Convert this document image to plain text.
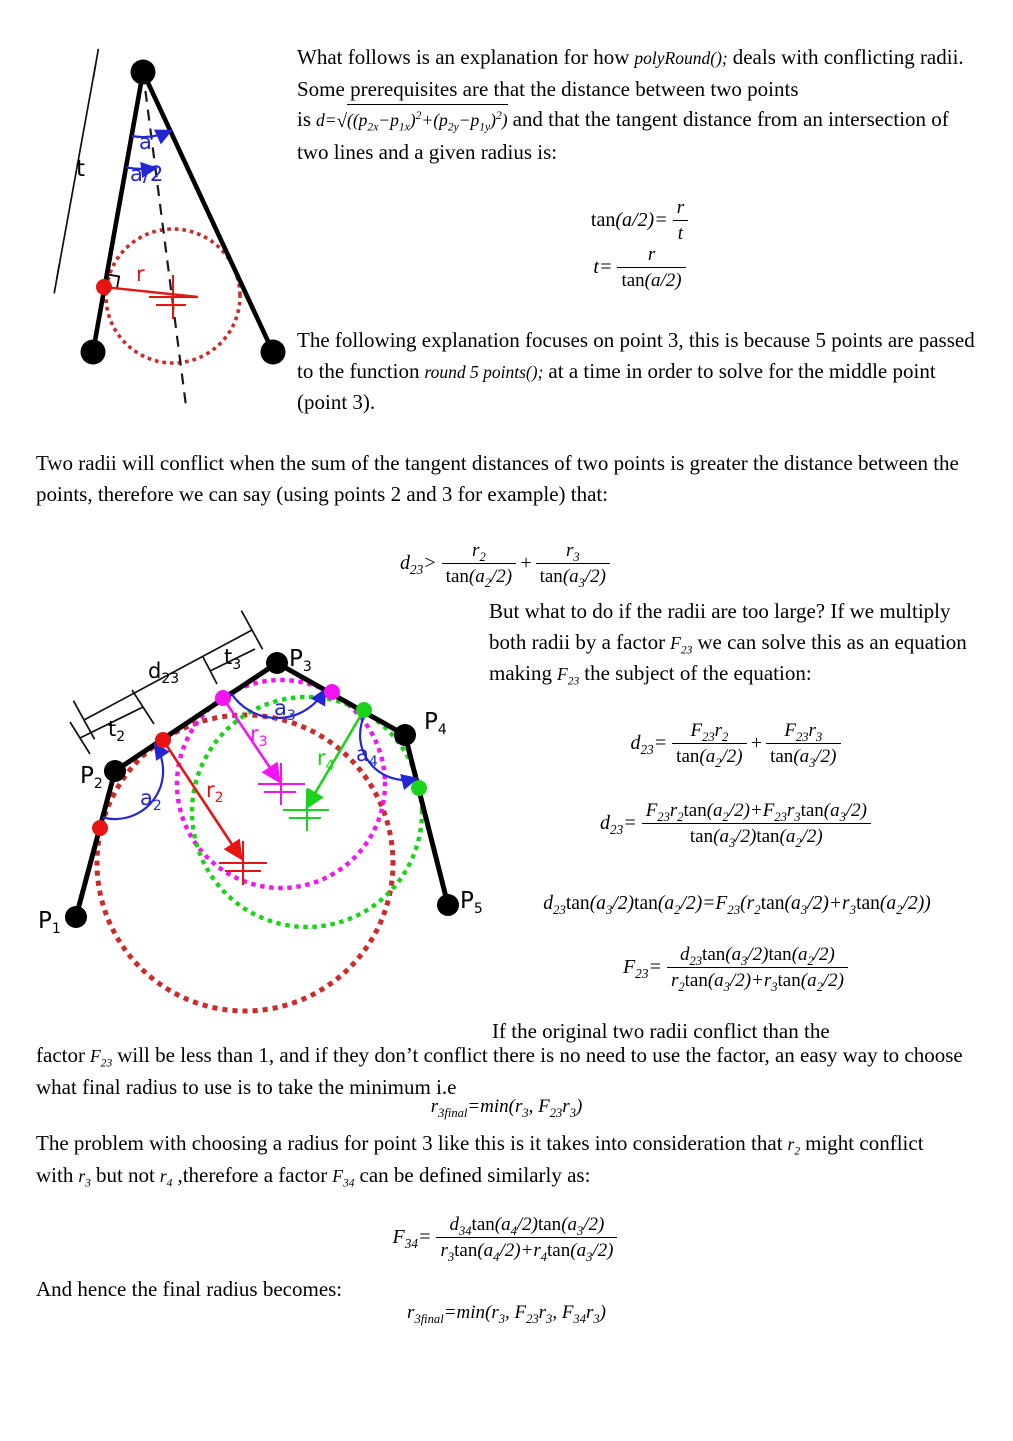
t
a
a/2
r
What follows is an explanation for how polyRound(); deals with conflicting radii. Some prerequisites are that the distance between two points is $d=√((p_{2x}-p_{1x})^2+(p_{2y}-p_{1y})^2)$ and that the tangent distance from an intersection of two lines and a given radius is:
$\tan(a/2)= \frac{r}{t}$
$t= \frac{r}{\tan(a/2)}$
The following explanation focuses on point 3, this is because 5 points are passed to the function round 5 points(); at a time in order to solve for the middle point (point 3).
Two radii will conflict when the sum of the tangent distances of two points is greater the distance between the points, therefore we can say (using points 2 and 3 for example) that:
$d_{23}> \frac{r_2}{\tan(a_2/2)} + \frac{r_3}{\tan(a_3/2)}$
$P_1$
$P_2$
$P_3$
$P_4$
$P_5$
$d_{23}$
$t_3$
$t_2$
$a_2$
$a_3$
$a_4$
$r_2$
$r_3$
$r_4$
But what to do if the radii are too large? If we multiply both radii by a factor $F_{23}$ we can solve this as an equation making $F_{23}$ the subject of the equation:
$d_{23}= \frac{F_{23}r_2}{\tan(a_2/2)} + \frac{F_{23}r_3}{\tan(a_3/2)}$
$d_{23}= \frac{F_{23}r_2\tan(a_2/2)+F_{23}r_3\tan(a_3/2)}{\tan(a_3/2)\tan(a_2/2)}$
$d_{23}\tan(a_3/2)\tan(a_2/2)=F_{23}(r_2\tan(a_3/2)+r_3\tan(a_2/2))$
$F_{23}= \frac{d_{23}\tan(a_3/2)\tan(a_2/2)}{r_2\tan(a_3/2)+r_3\tan(a_2/2)}$
If the original two radii conflict than the
factor $F_{23}$ will be less than 1, and if they don’t conflict there is no need to use the factor, an easy way to choose what final radius to use is to take the minimum i.e
$r_{3final}=\min(r_3$, $F_{23}r_3$)
The problem with choosing a radius for point 3 like this is it takes into consideration that $r_2$ might conflict with $r_3$ but not $r_4$ ,therefore a factor $F_{34}$ can be defined similarly as:
$F_{34}= \frac{d_{34}\tan(a_4/2)\tan(a_3/2)}{r_3\tan(a_4/2)+r_4\tan(a_3/2)}$
And hence the final radius becomes:
$r_{3final}=\min(r_3$, $F_{23}r_3$, $F_{34}r_3$)
